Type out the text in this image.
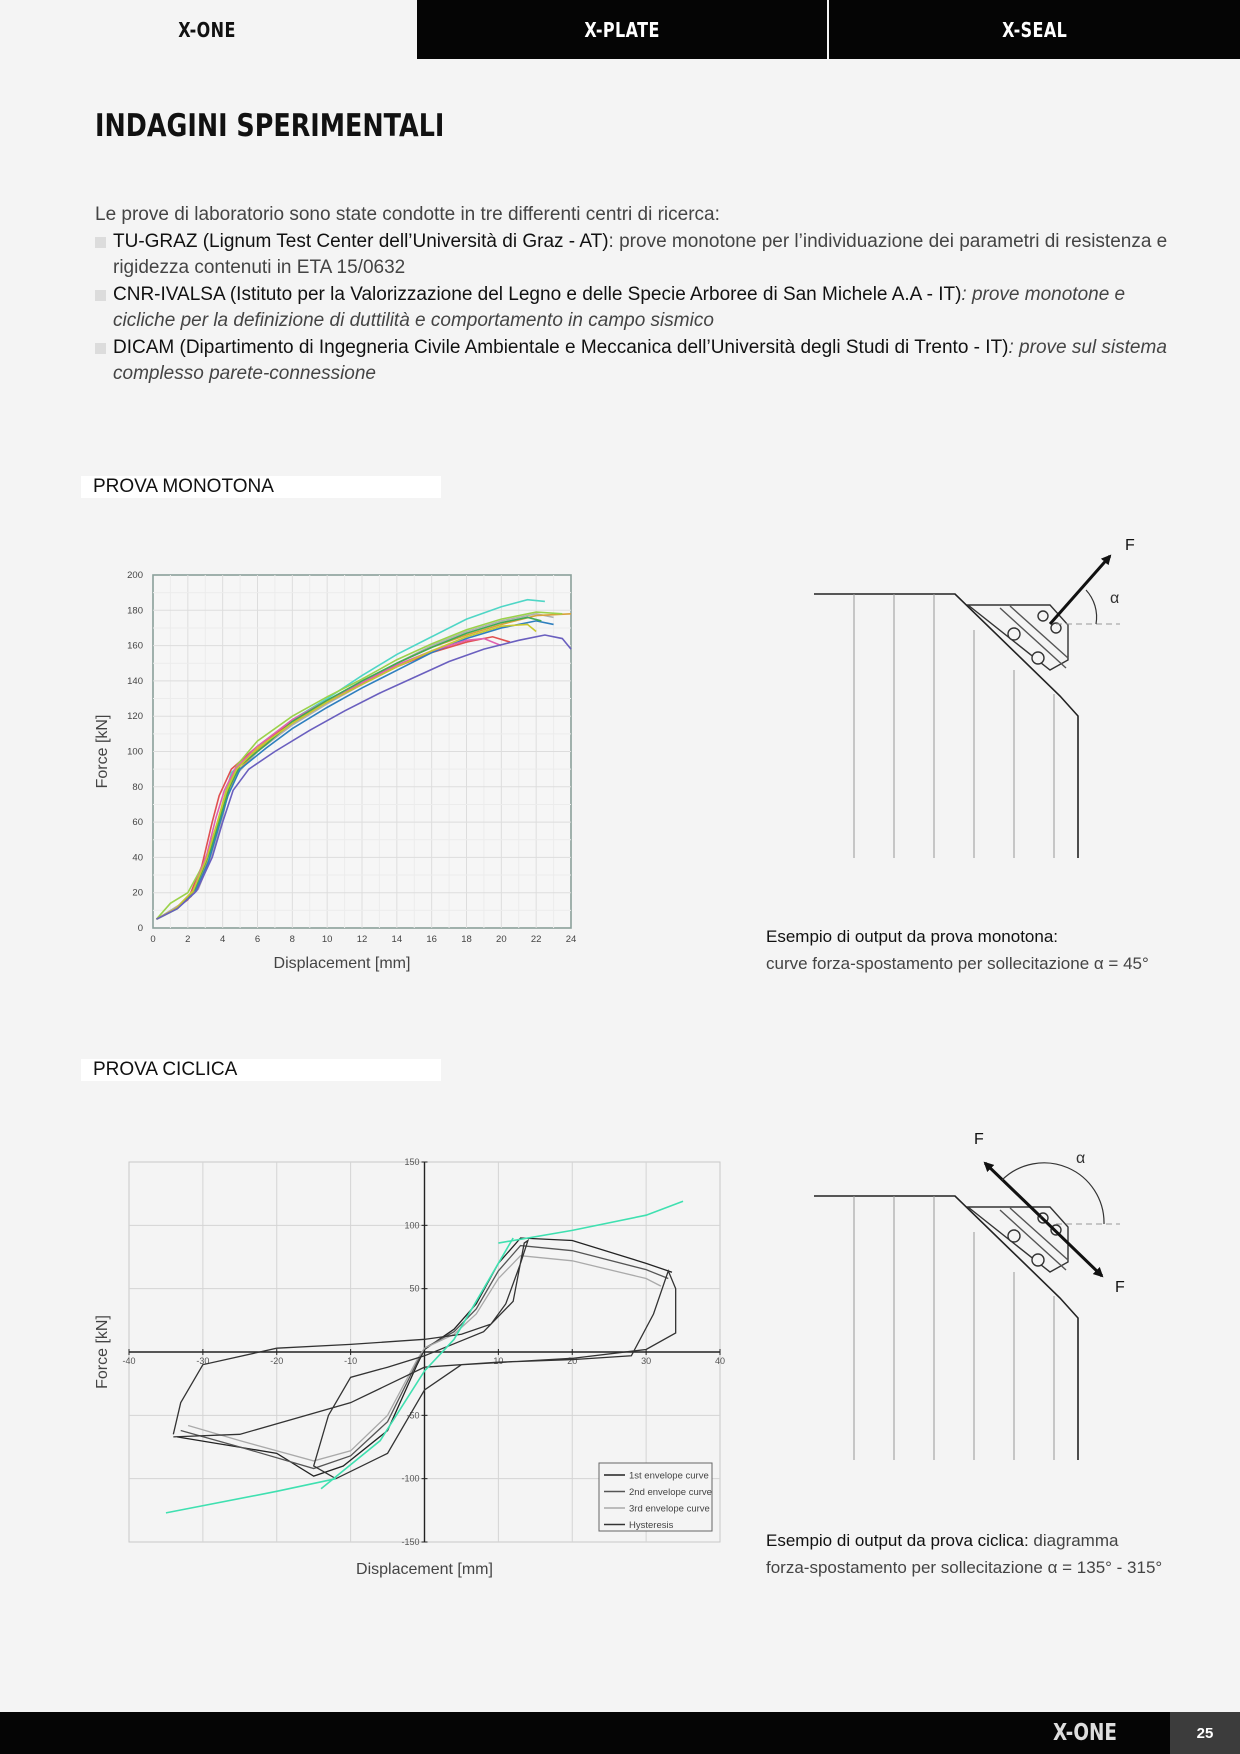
X-ONE	X-PLATE	X-SEAL
INDAGINI SPERIMENTALI

Le prove di laboratorio sono state condotte in tre differenti centri di ricerca:

TU-GRAZ (Lignum Test Center dell’Università di Graz - AT): prove monotone per l’individuazione dei parametri di resistenza e rigidezza contenuti in ETA 15/0632
CNR-IVALSA (Istituto per la Valorizzazione del Legno e delle Specie Arboree di San Michele A.A - IT): prove monotone e cicliche per la definizione di duttilità e comportamento in campo sismico
DICAM (Dipartimento di Ingegneria Civile Ambientale e Meccanica dell’Università degli Studi di Trento - IT): prove sul sistema complesso parete-connessione
PROVA MONOTONA
0	2	4	6	8	10	12	14	16	18	20	22	24
0
20
40
60
80
100
120
140
160
180
200
Displacement [mm]
Force [kN]
F
α
Esempio di output da prova monotona:
curve forza-spostamento per sollecitazione α = 45°
PROVA CICLICA
-40	-30	-20	-10	10	20	30	40
150
100
50
-50
-100
-150
1st envelope curve
2nd envelope curve
3rd envelope curve
Hysteresis
Displacement [mm]
Force [kN]
F
F
α
Esempio di output da prova ciclica: diagramma
forza-spostamento per sollecitazione α = 135° - 315°
X-ONE	25
